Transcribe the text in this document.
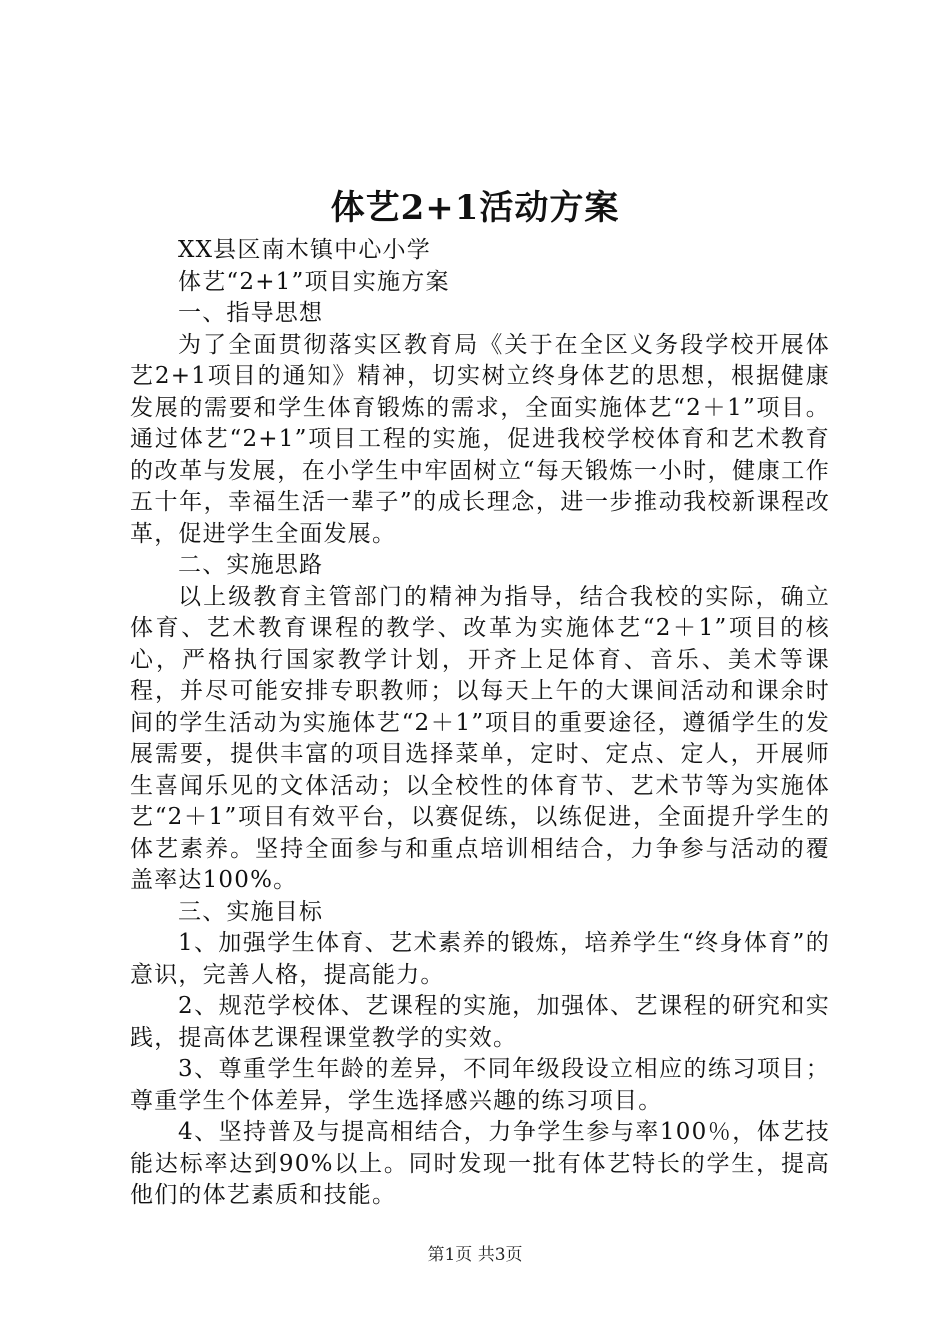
体艺2+1活动方案

XX县区南木镇中心小学

体艺“2+1”项目实施方案

一、指导思想

为了全面贯彻落实区教育局《关于在全区义务段学校开展体艺2+1项目的通知》精神，切实树立终身体艺的思想，根据健康发展的需要和学生体育锻炼的需求，全面实施体艺“2＋1”项目。通过体艺“2+1”项目工程的实施，促进我校学校体育和艺术教育的改革与发展，在小学生中牢固树立“每天锻炼一小时，健康工作五十年，幸福生活一辈子”的成长理念，进一步推动我校新课程改革，促进学生全面发展。

二、实施思路

以上级教育主管部门的精神为指导，结合我校的实际，确立体育、艺术教育课程的教学、改革为实施体艺“2＋1”项目的核心，严格执行国家教学计划，开齐上足体育、音乐、美术等课程，并尽可能安排专职教师；以每天上午的大课间活动和课余时间的学生活动为实施体艺“2＋1”项目的重要途径，遵循学生的发展需要，提供丰富的项目选择菜单，定时、定点、定人，开展师生喜闻乐见的文体活动；以全校性的体育节、艺术节等为实施体艺“2＋1”项目有效平台，以赛促练，以练促进，全面提升学生的体艺素养。坚持全面参与和重点培训相结合，力争参与活动的覆盖率达100%。

三、实施目标

1、加强学生体育、艺术素养的锻炼，培养学生“终身体育”的意识，完善人格，提高能力。

2、规范学校体、艺课程的实施，加强体、艺课程的研究和实践，提高体艺课程课堂教学的实效。

3、尊重学生年龄的差异，不同年级段设立相应的练习项目；尊重学生个体差异，学生选择感兴趣的练习项目。

4、坚持普及与提高相结合，力争学生参与率100％，体艺技能达标率达到90%以上。同时发现一批有体艺特长的学生，提高他们的体艺素质和技能。

第1页 共3页
